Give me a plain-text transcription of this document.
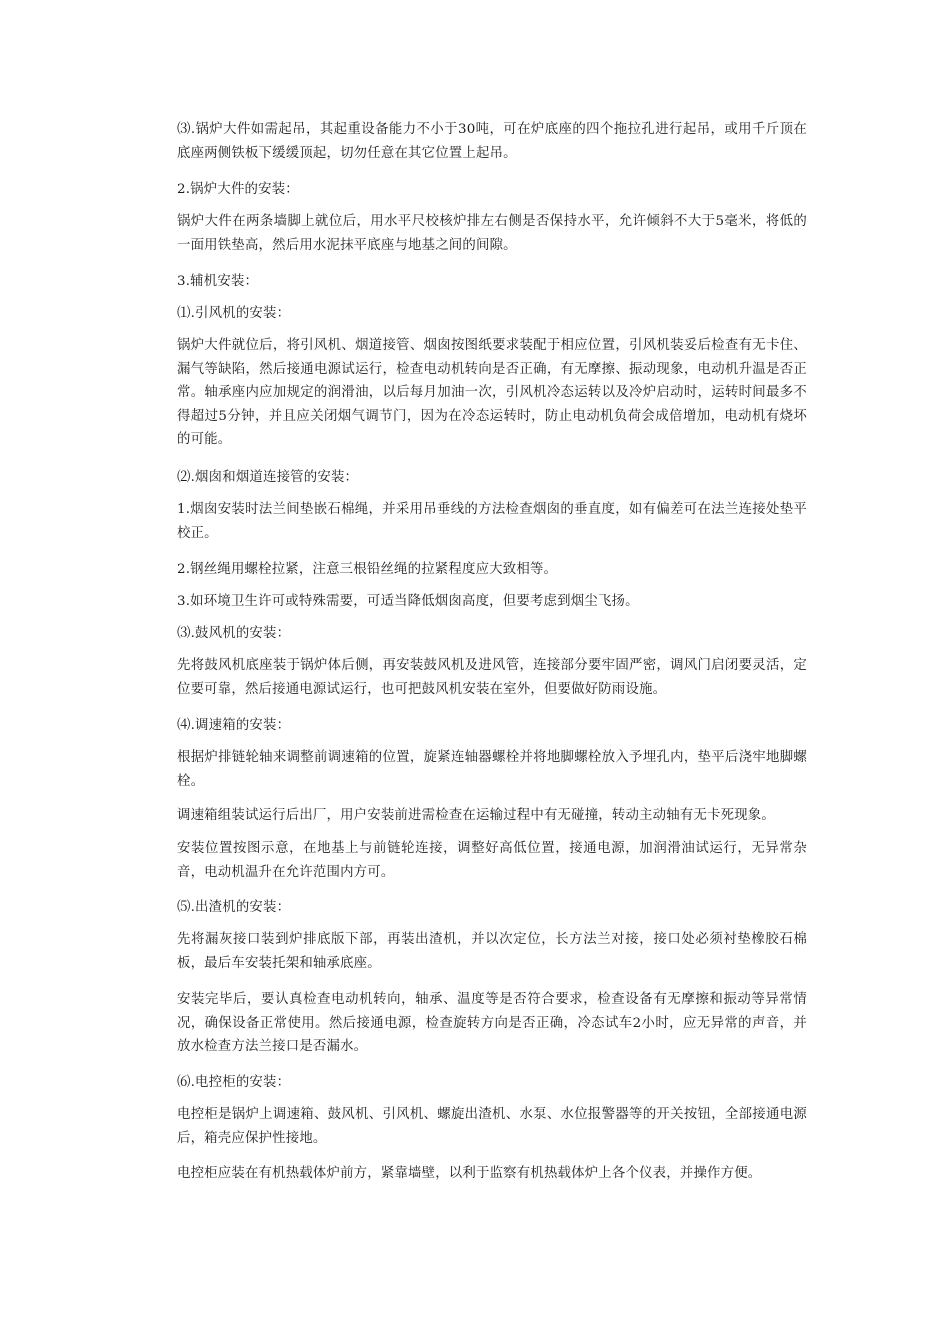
⑶.锅炉大件如需起吊，其起重设备能力不小于30吨，可在炉底座的四个拖拉孔进行起吊，或用千斤顶在底座两侧铁板下缓缓顶起，切勿任意在其它位置上起吊。

2.锅炉大件的安装：

锅炉大件在两条墙脚上就位后，用水平尺校核炉排左右侧是否保持水平，允许倾斜不大于5毫米，将低的一面用铁垫高，然后用水泥抹平底座与地基之间的间隙。

3.辅机安装：

⑴.引风机的安装：

锅炉大件就位后，将引风机、烟道接管、烟囱按图纸要求装配于相应位置，引风机装妥后检查有无卡住、漏气等缺陷，然后接通电源试运行，检查电动机转向是否正确，有无摩擦、振动现象，电动机升温是否正常。轴承座内应加规定的润滑油，以后每月加油一次，引风机冷态运转以及冷炉启动时，运转时间最多不得超过5分钟，并且应关闭烟气调节门，因为在冷态运转时，防止电动机负荷会成倍增加，电动机有烧坏的可能。

⑵.烟囱和烟道连接管的安装：

1.烟囱安装时法兰间垫嵌石棉绳，并采用吊垂线的方法检查烟囱的垂直度，如有偏差可在法兰连接处垫平校正。

2.钢丝绳用螺栓拉紧，注意三根铅丝绳的拉紧程度应大致相等。

3.如环境卫生许可或特殊需要，可适当降低烟囱高度，但要考虑到烟尘飞扬。

⑶.鼓风机的安装：

先将鼓风机底座装于锅炉体后侧，再安装鼓风机及进风管，连接部分要牢固严密，调风门启闭要灵活，定位要可靠，然后接通电源试运行，也可把鼓风机安装在室外，但要做好防雨设施。

⑷.调速箱的安装：

根据炉排链轮轴来调整前调速箱的位置，旋紧连轴器螺栓并将地脚螺栓放入予埋孔内，垫平后浇牢地脚螺栓。

调速箱组装试运行后出厂，用户安装前进需检查在运输过程中有无碰撞，转动主动轴有无卡死现象。

安装位置按图示意，在地基上与前链轮连接，调整好高低位置，接通电源，加润滑油试运行，无异常杂音，电动机温升在允许范围内方可。

⑸.出渣机的安装：

先将漏灰接口装到炉排底版下部，再装出渣机，并以次定位，长方法兰对接，接口处必须衬垫橡胶石棉板，最后车安装托架和轴承底座。

安装完毕后，要认真检查电动机转向，轴承、温度等是否符合要求，检查设备有无摩擦和振动等异常情况，确保设备正常使用。然后接通电源，检查旋转方向是否正确，冷态试车2小时，应无异常的声音，并放水检查方法兰接口是否漏水。

⑹.电控柜的安装：

电控柜是锅炉上调速箱、鼓风机、引风机、螺旋出渣机、水泵、水位报警器等的开关按钮，全部接通电源后，箱壳应保护性接地。

电控柜应装在有机热载体炉前方，紧靠墙壁，以利于监察有机热载体炉上各个仪表，并操作方便。
